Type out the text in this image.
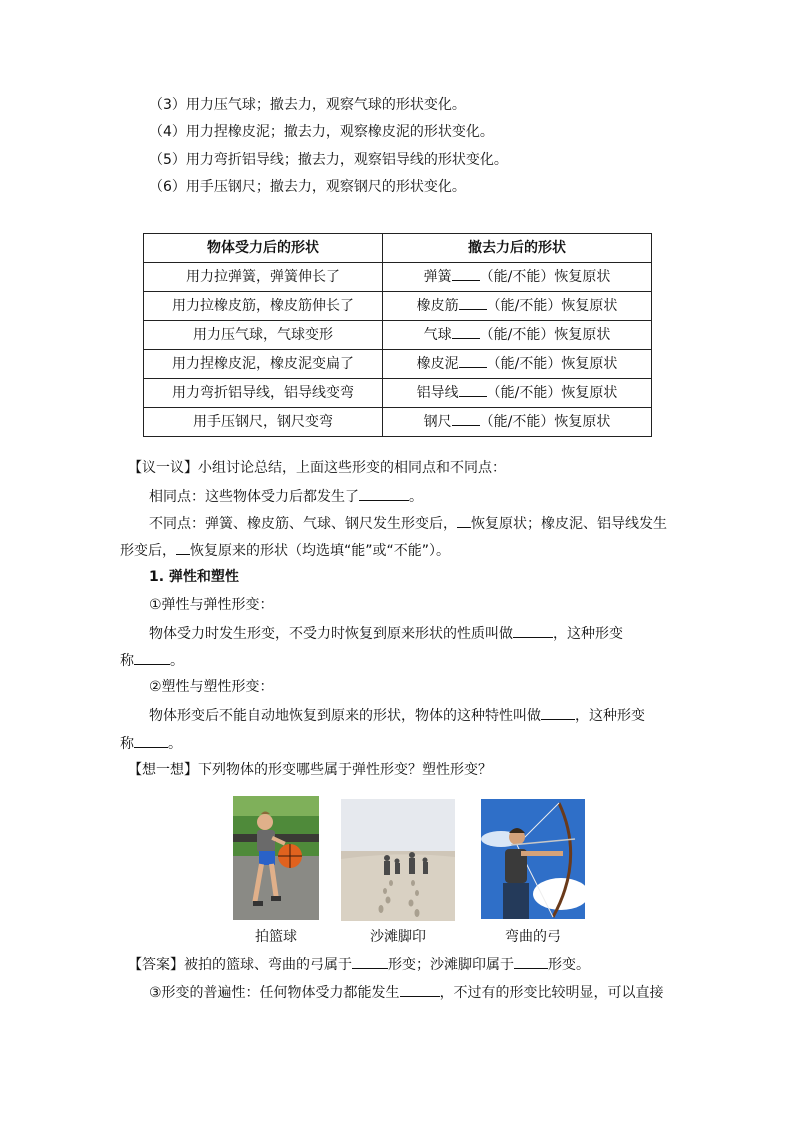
（3）用力压气球；撤去力，观察气球的形状变化。
（4）用力捏橡皮泥；撤去力，观察橡皮泥的形状变化。
（5）用力弯折铝导线；撤去力，观察铝导线的形状变化。
（6）用手压钢尺；撤去力，观察钢尺的形状变化。
物体受力后的形状	撤去力后的形状
用力拉弹簧，弹簧伸长了	弹簧 （能/不能）恢复原状
用力拉橡皮筋，橡皮筋伸长了	橡皮筋 （能/不能）恢复原状
用力压气球，气球变形	气球 （能/不能）恢复原状
用力捏橡皮泥，橡皮泥变扁了	橡皮泥 （能/不能）恢复原状
用力弯折铝导线，铝导线变弯	铝导线 （能/不能）恢复原状
用手压钢尺，钢尺变弯	钢尺 （能/不能）恢复原状
【议一议】小组讨论总结，上面这些形变的相同点和不同点：
相同点：这些物体受力后都发生了	。
不同点：弹簧、橡皮筋、气球、钢尺发生形变后， 恢复原状；橡皮泥、铝导线发生
形变后， 恢复原来的形状（均选填“能”或“不能”）。
1. 弹性和塑性
①弹性与弹性形变：
物体受力时发生形变，不受力时恢复到原来形状的性质叫做	，这种形变
称	。
②塑性与塑性形变：
物体形变后不能自动地恢复到原来的形状，物体的这种特性叫做 ，这种形变
称 。
【想一想】下列物体的形变哪些属于弹性形变？塑性形变？
拍篮球	沙滩脚印	弯曲的弓
【答案】被拍的篮球、弯曲的弓属于	形变；沙滩脚印属于 形变。
③形变的普遍性：任何物体受力都能发生	，不过有的形变比较明显，可以直接
